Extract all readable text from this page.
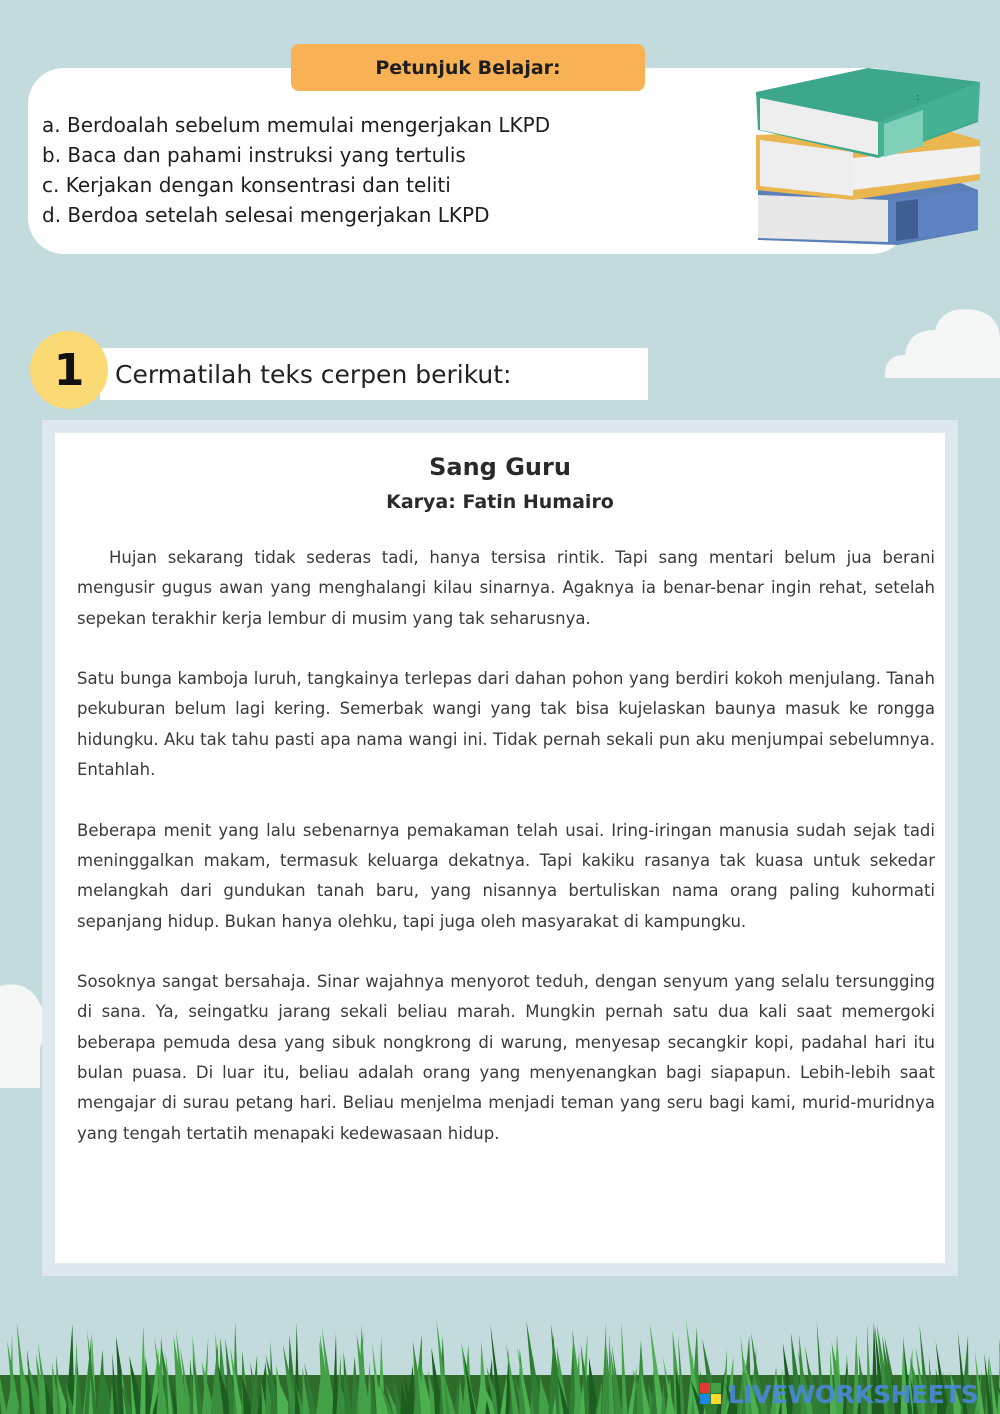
Petunjuk Belajar:
a. Berdoalah sebelum memulai mengerjakan LKPD
b. Baca dan pahami instruksi yang tertulis
c. Kerjakan dengan konsentrasi dan teliti
d. Berdoa setelah selesai mengerjakan LKPD
:
Cermatilah teks cerpen berikut:
1
Sang Guru
Karya: Fatin Humairo

Hujan sekarang tidak sederas tadi, hanya tersisa rintik. Tapi sang mentari belum jua berani mengusir gugus awan yang menghalangi kilau sinarnya. Agaknya ia benar-benar ingin rehat, setelah sepekan terakhir kerja lembur di musim yang tak seharusnya.

Satu bunga kamboja luruh, tangkainya terlepas dari dahan pohon yang berdiri kokoh menjulang. Tanah pekuburan belum lagi kering. Semerbak wangi yang tak bisa kujelaskan baunya masuk ke rongga hidungku. Aku tak tahu pasti apa nama wangi ini. Tidak pernah sekali pun aku menjumpai sebelumnya. Entahlah.

Beberapa menit yang lalu sebenarnya pemakaman telah usai. Iring-iringan manusia sudah sejak tadi meninggalkan makam, termasuk keluarga dekatnya. Tapi kakiku rasanya tak kuasa untuk sekedar melangkah dari gundukan tanah baru, yang nisannya bertuliskan nama orang paling kuhormati sepanjang hidup. Bukan hanya olehku, tapi juga oleh masyarakat di kampungku.

Sosoknya sangat bersahaja. Sinar wajahnya menyorot teduh, dengan senyum yang selalu tersungging di sana. Ya, seingatku jarang sekali beliau marah. Mungkin pernah satu dua kali saat memergoki beberapa pemuda desa yang sibuk nongkrong di warung, menyesap secangkir kopi, padahal hari itu bulan puasa. Di luar itu, beliau adalah orang yang menyenangkan bagi siapapun. Lebih-lebih saat mengajar di surau petang hari. Beliau menjelma menjadi teman yang seru bagi kami, murid-muridnya yang tengah tertatih menapaki kedewasaan hidup.

LIVEWORKSHEETS
